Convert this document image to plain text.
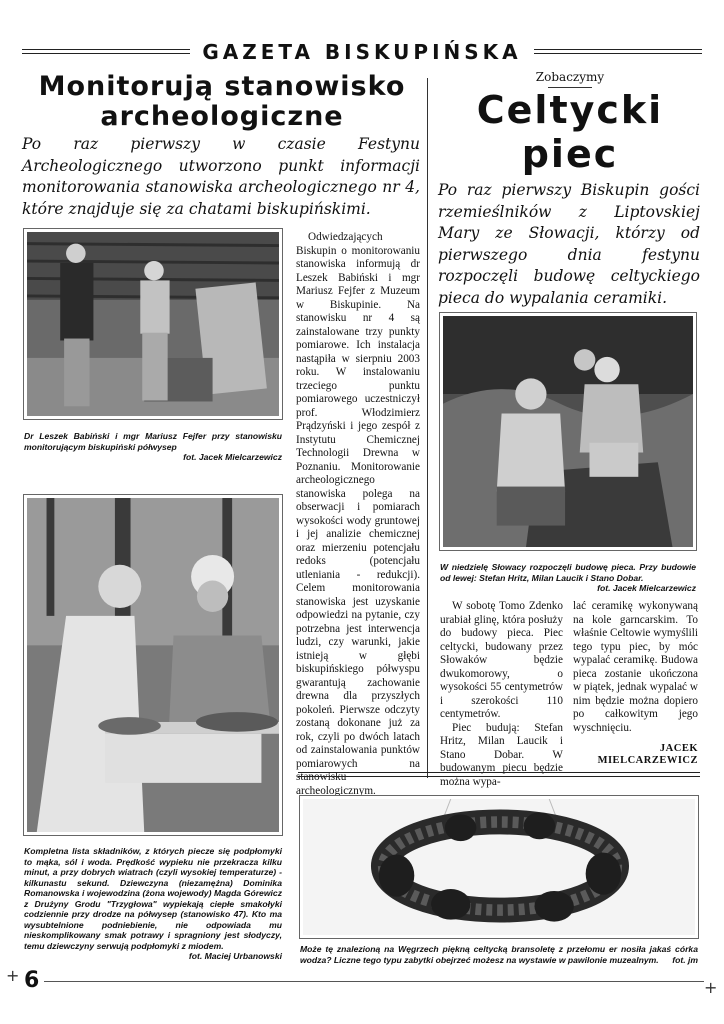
GAZETA BISKUPIŃSKA
Monitorują stanowisko
archeologiczne
Po raz pierwszy w czasie Festynu Archeologicznego utworzono punkt informacji monitorowania stanowiska archeologicznego nr 4, które znajduje się za chatami biskupińskimi.
Dr Leszek Babiński i mgr Mariusz Fejfer przy stanowisku monitorującym biskupiński półwysep
fot. Jacek Mielcarzewicz
Kompletna lista składników, z których piecze się podpłomyki to mąka, sól i woda. Prędkość wypieku nie przekracza kilku minut, a przy dobrych wiatrach (czyli wysokiej temperaturze) - kilkunastu sekund. Dziewczyna (niezamężna) Dominika Romanowska i wojewodzina (żona wojewody) Magda Górewicz z Drużyny Grodu "Trzygłowa" wypiekają ciepłe smakołyki codziennie przy drodze na półwysep (stanowisko 47). Kto ma wysubtelnione podniebienie, nie odpowiada mu nieskomplikowany smak potrawy i spragniony jest słodyczy, temu dziewczyny serwują podpłomyki z miodem.
fot. Maciej Urbanowski

Odwiedzających Biskupin o monitorowaniu stanowiska informują dr Leszek Babiński i mgr Mariusz Fejfer z Muzeum w Biskupinie. Na stanowisku nr 4 są zainstalowane trzy punkty pomiarowe. Ich instalacja nastąpiła w sierpniu 2003 roku. W instalowaniu trzeciego punktu pomiarowego uczestniczył prof. Włodzimierz Prądzyński i jego zespół z Instytutu Chemicznej Technologii Drewna w Poznaniu. Monitorowanie archeologicznego stanowiska polega na obserwacji i pomiarach wysokości wody gruntowej i jej analizie chemicznej oraz mierzeniu potencjału redoks (potencjału utleniania - redukcji). Celem monitorowania stanowiska jest uzyskanie odpowiedzi na pytanie, czy potrzebna jest interwencja ludzi, czy warunki, jakie istnieją w głębi biskupińskiego półwyspu gwarantują zachowanie drewna dla przyszłych pokoleń. Pierwsze odczyty zostaną dokonane już za rok, czyli po dwóch latach od zainstalowania punktów pomiarowych na stanowisku archeologicznym.

Zobaczymy
Celtycki
piec
Po raz pierwszy Biskupin gości rzemieślników z Liptovskiej Mary ze Słowacji, którzy od pierwszego dnia festynu rozpoczęli budowę celtyckiego pieca do wypalania ceramiki.
W niedzielę Słowacy rozpoczęli budowę pieca. Przy budowie od lewej: Stefan Hritz, Milan Laucik i Stano Dobar.
fot. Jacek Mielcarzewicz

W sobotę Tomo Zdenko urabiał glinę, która posłuży do budowy pieca. Piec celtycki, budowany przez Słowaków będzie dwukomorowy, o wysokości 55 centymetrów i szerokości 110 centymetrów.

Piec budują: Stefan Hritz, Milan Laucik i Stano Dobar. W budowanym piecu będzie można wypa-

lać ceramikę wykonywaną na kole garncarskim. To właśnie Celtowie wymyślili tego typu piec, by móc wypalać ceramikę. Budowa pieca zostanie ukończona w piątek, jednak wypalać w nim będzie można dopiero po całkowitym jego wyschnięciu.

JACEK
MIELCARZEWICZ
Może tę znalezioną na Węgrzech piękną celtycką bransoletę z przełomu er nosiła jakaś córka wodza? Liczne tego typu zabytki obejrzeć możesz na wystawie w pawilonie muzealnym. fot. jm
+ 6	+
